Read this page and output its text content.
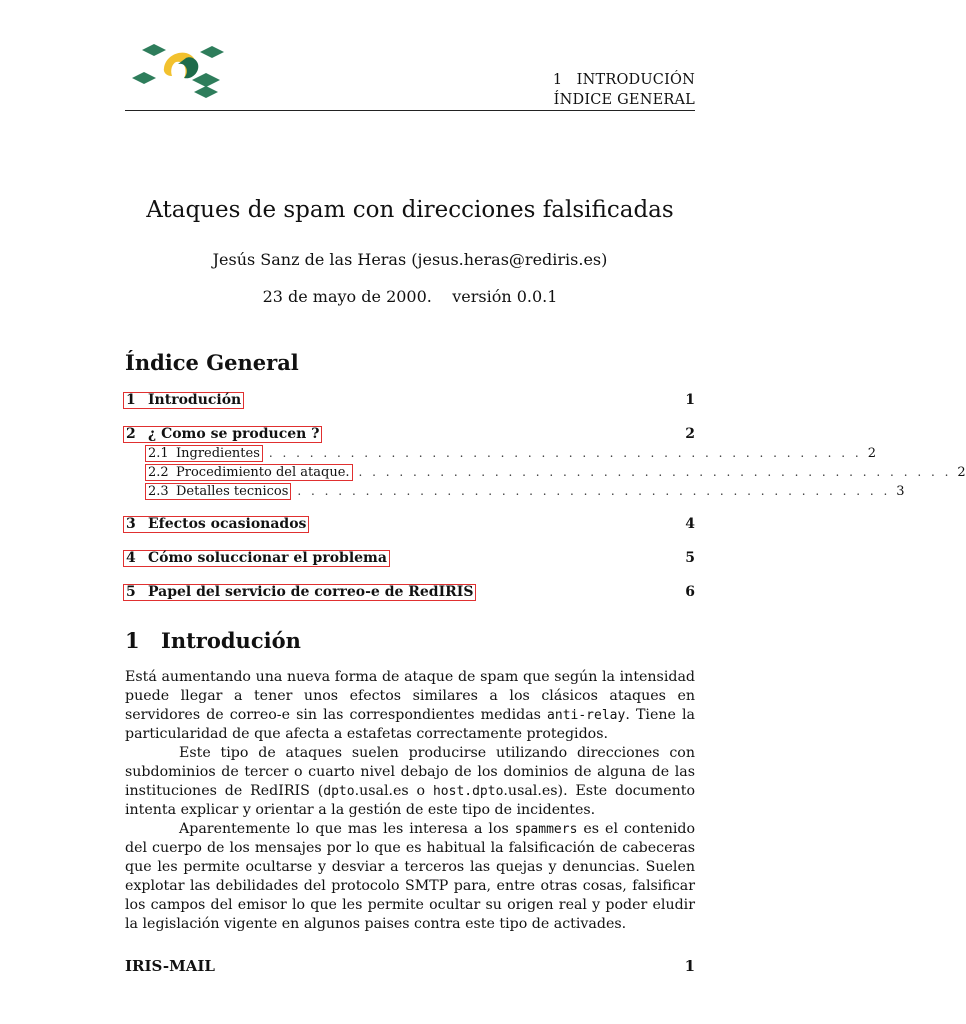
1   INTRODUCIÓN
ÍNDICE GENERAL
Ataques de spam con direcciones falsificadas
Jesús Sanz de las Heras (jesus.heras@rediris.es)
23 de mayo de 2000.    versión 0.0.1
Índice General
1 Introdución	1
2 ¿ Como se producen ?	2
2.1 Ingredientes . . . . . . . . . . . . . . . . . . . . . . . . . . . . . . . . . . . . . . . . . . . . 2
2.2 Procedimiento del ataque. . . . . . . . . . . . . . . . . . . . . . . . . . . . . . . . . . . . . . . . . . . . . 2
2.3 Detalles tecnicos . . . . . . . . . . . . . . . . . . . . . . . . . . . . . . . . . . . . . . . . . . . . 3
3 Efectos ocasionados	4
4 Cómo soluccionar el problema	5
5 Papel del servicio de correo-e de RedIRIS	6
1 Introdución

Está aumentando una nueva forma de ataque de spam que según la intensidad puede llegar a tener unos efectos similares a los clásicos ataques en servidores de correo-e sin las correspondientes medidas anti-relay. Tiene la particularidad de que afecta a estafetas correctamente protegidos.

Este tipo de ataques suelen producirse utilizando direcciones con subdominios de tercer o cuarto nivel debajo de los dominios de alguna de las instituciones de RedIRIS (dpto.usal.es o host.dpto.usal.es). Este documento intenta explicar y orientar a la gestión de este tipo de incidentes.

Aparentemente lo que mas les interesa a los spammers es el contenido del cuerpo de los mensajes por lo que es habitual la falsificación de cabeceras que les permite ocultarse y desviar a terceros las quejas y denuncias. Suelen explotar las debilidades del protocolo SMTP para, entre otras cosas, falsificar los campos del emisor lo que les permite ocultar su origen real y poder eludir la legislación vigente en algunos paises contra este tipo de activades.

IRIS-MAIL	1
